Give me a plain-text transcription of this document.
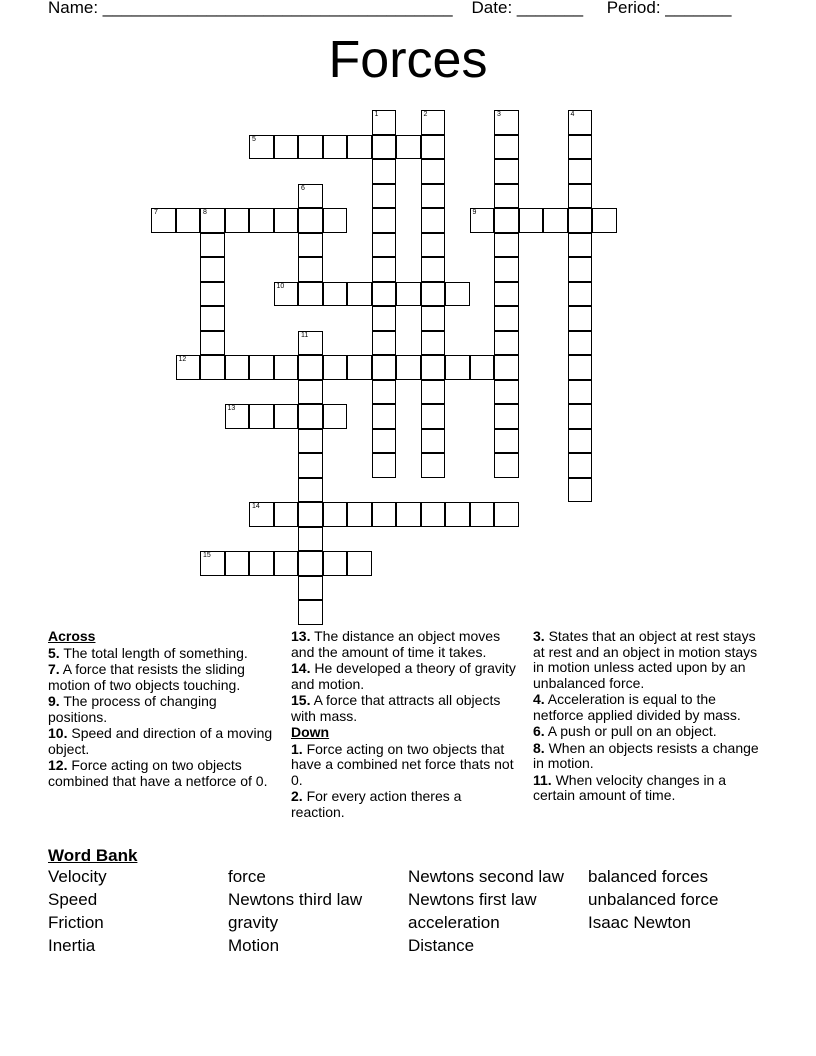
Name: _____________________________________ Date: _______ Period: _______
Forces
1	2	3	4
5
6
7	8	9
10
11
12
13
14
15
Across
5. The total length of something.
7. A force that resists the sliding motion of two objects touching.
9. The process of changing positions.
10. Speed and direction of a moving object.
12. Force acting on two objects combined that have a netforce of 0.
13. The distance an object moves and the amount of time it takes.
14. He developed a theory of gravity and motion.
15. A force that attracts all objects with mass.
Down
1. Force acting on two objects that have a combined net force thats not 0.
2. For every action theres a reaction.
3. States that an object at rest stays at rest and an object in motion stays in motion unless acted upon by an unbalanced force.
4. Acceleration is equal to the netforce applied divided by mass.
6. A push or pull on an object.
8. When an objects resists a change in motion.
11. When velocity changes in a certain amount of time.
Word Bank
Velocity	force	Newtons second law	balanced forces
Speed	Newtons third law	Newtons first law	unbalanced force
Friction	gravity	acceleration	Isaac Newton
Inertia	Motion	Distance
